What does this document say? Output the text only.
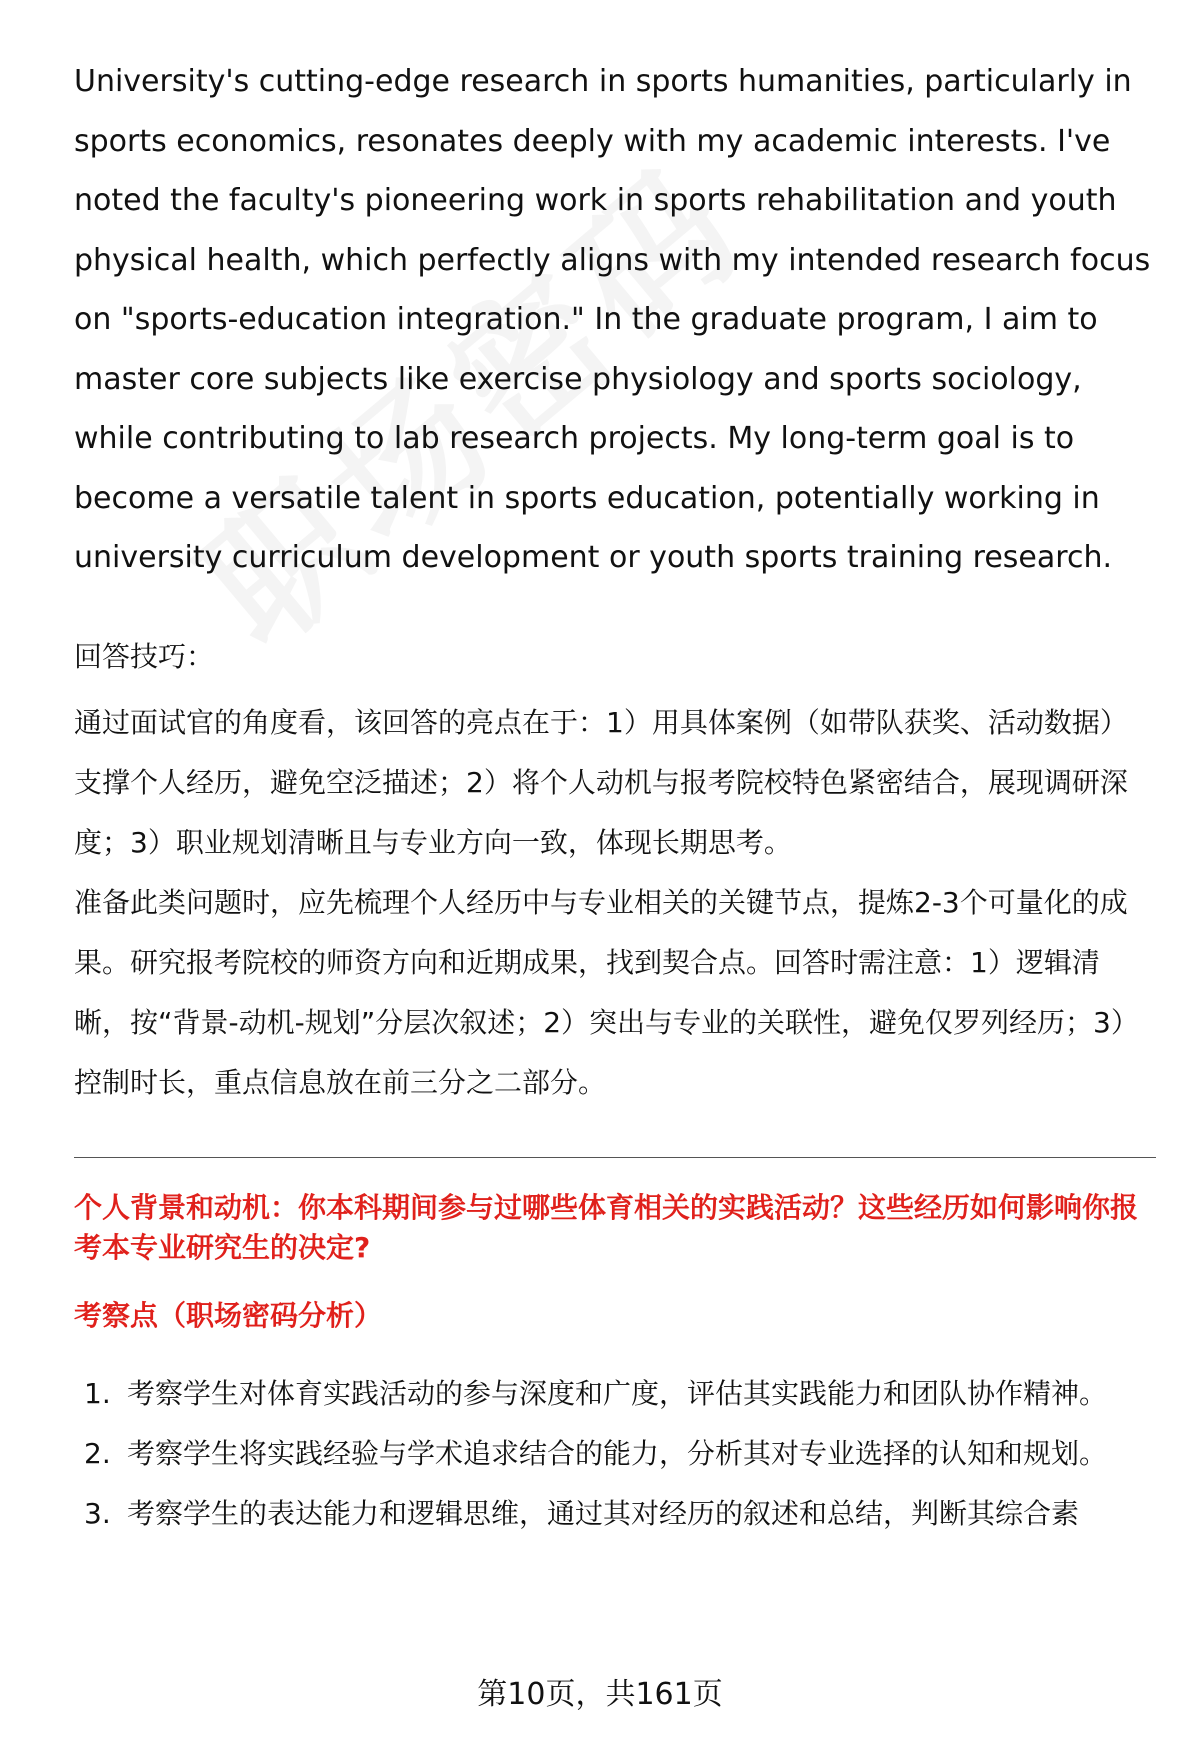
University's cutting-edge research in sports humanities, particularly in sports economics, resonates deeply with my academic interests. I've noted the faculty's pioneering work in sports rehabilitation and youth physical health, which perfectly aligns with my intended research focus on "sports-education integration." In the graduate program, I aim to master core subjects like exercise physiology and sports sociology, while contributing to lab research projects. My long-term goal is to become a versatile talent in sports education, potentially working in university curriculum development or youth sports training research.

回答技巧：

通过面试官的角度看，该回答的亮点在于：1）用具体案例（如带队获奖、活动数据）支撑个人经历，避免空泛描述；2）将个人动机与报考院校特色紧密结合，展现调研深度；3）职业规划清晰且与专业方向一致，体现长期思考。

准备此类问题时，应先梳理个人经历中与专业相关的关键节点，提炼2-3个可量化的成果。研究报考院校的师资方向和近期成果，找到契合点。回答时需注意：1）逻辑清晰，按“背景-动机-规划”分层次叙述；2）突出与专业的关联性，避免仅罗列经历；3）控制时长，重点信息放在前三分之二部分。

个人背景和动机：你本科期间参与过哪些体育相关的实践活动？这些经历如何影响你报考本专业研究生的决定?
考察点（职场密码分析）
1. 考察学生对体育实践活动的参与深度和广度，评估其实践能力和团队协作精神。
2. 考察学生将实践经验与学术追求结合的能力，分析其对专业选择的认知和规划。
3. 考察学生的表达能力和逻辑思维，通过其对经历的叙述和总结，判断其综合素
第10页，共161页
